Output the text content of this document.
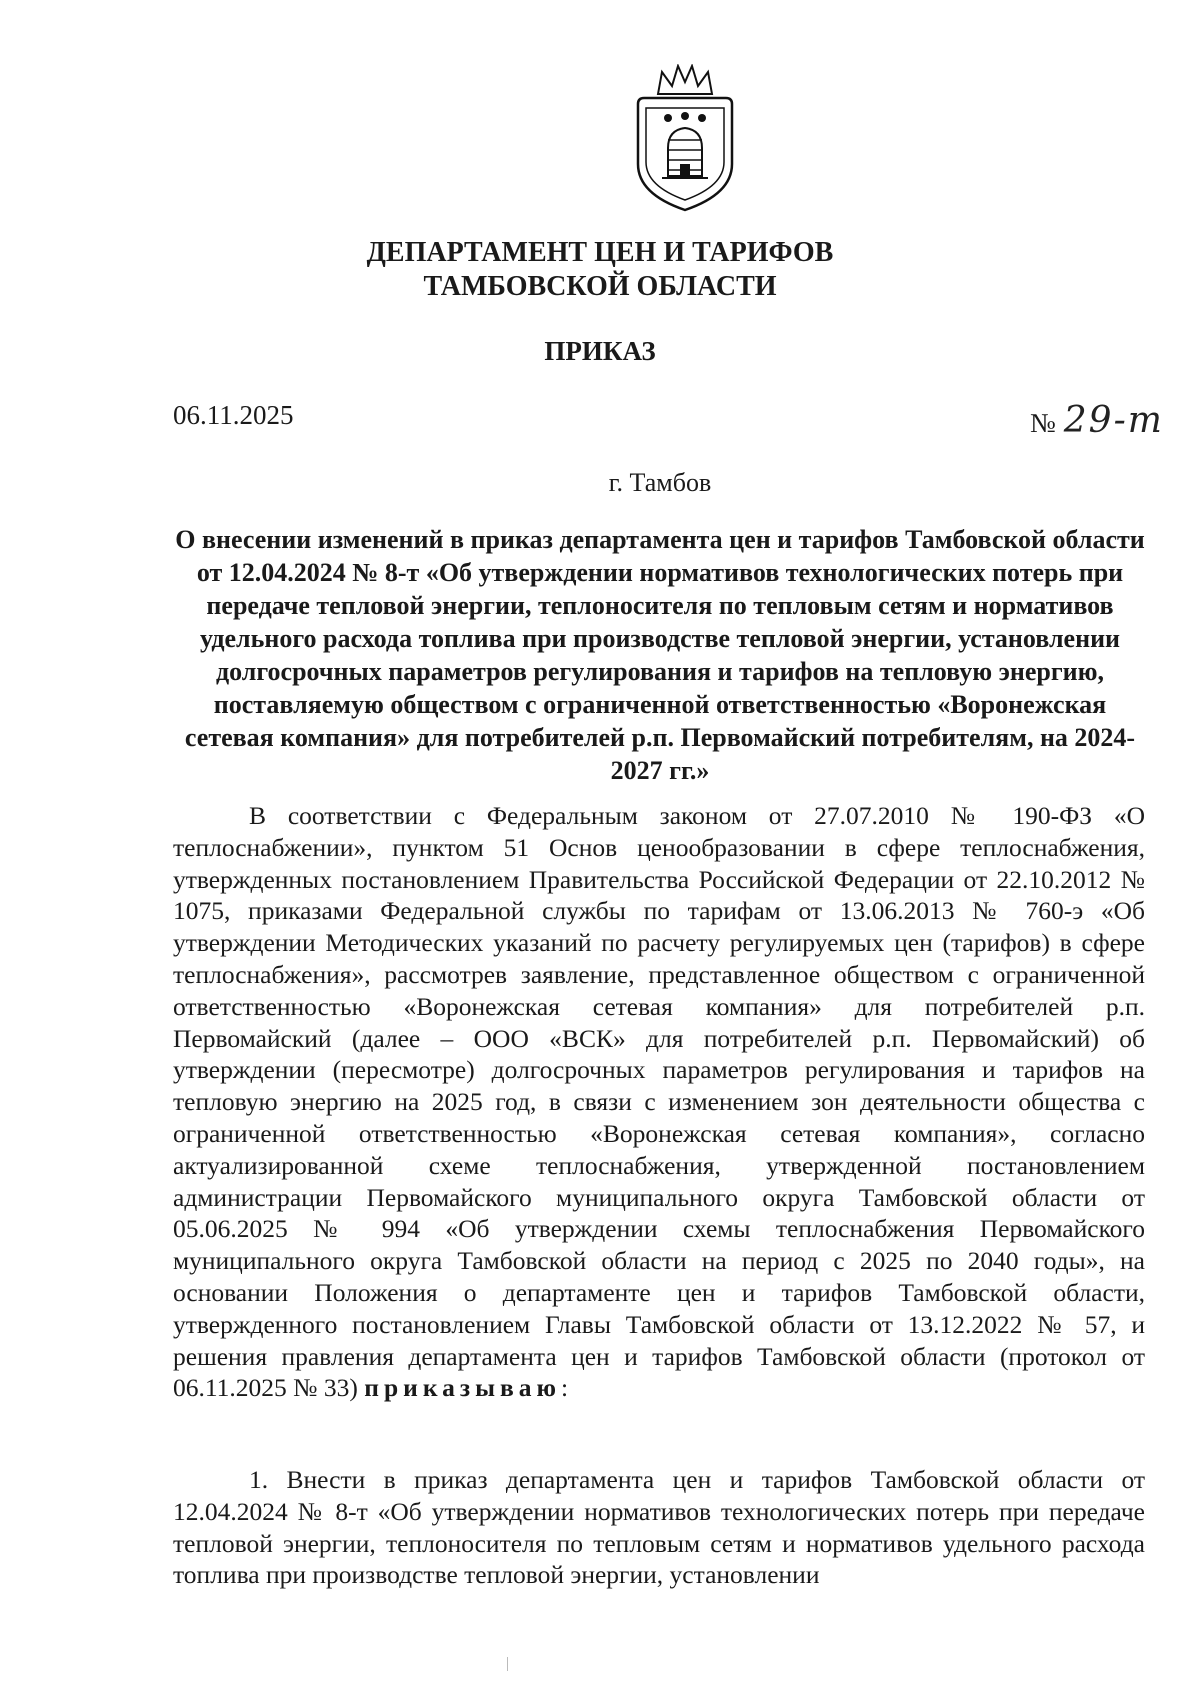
ДЕПАРТАМЕНТ ЦЕН И ТАРИФОВ
ТАМБОВСКОЙ ОБЛАСТИ
ПРИКАЗ
06.11.2025	№ 29-т
г. Тамбов
О внесении изменений в приказ департамента цен и тарифов Тамбовской области от 12.04.2024 № 8-т «Об утверждении нормативов технологических потерь при передаче тепловой энергии, теплоносителя по тепловым сетям и нормативов удельного расхода топлива при производстве тепловой энергии, установлении долгосрочных параметров регулирования и тарифов на тепловую энергию, поставляемую обществом с ограниченной ответственностью «Воронежская сетевая компания» для потребителей р.п. Первомайский потребителям, на 2024-2027 гг.»
В соответствии с Федеральным законом от 27.07.2010 № 190-ФЗ «О теплоснабжении», пунктом 51 Основ ценообразовании в сфере теплоснабжения, утвержденных постановлением Правительства Российской Федерации от 22.10.2012 № 1075, приказами Федеральной службы по тарифам от 13.06.2013 № 760-э «Об утверждении Методических указаний по расчету регулируемых цен (тарифов) в сфере теплоснабжения», рассмотрев заявление, представленное обществом с ограниченной ответственностью «Воронежская сетевая компания» для потребителей р.п. Первомайский (далее – ООО «ВСК» для потребителей р.п. Первомайский) об утверждении (пересмотре) долгосрочных параметров регулирования и тарифов на тепловую энергию на 2025 год, в связи с изменением зон деятельности общества с ограниченной ответственностью «Воронежская сетевая компания», согласно актуализированной схеме теплоснабжения, утвержденной постановлением администрации Первомайского муниципального округа Тамбовской области от 05.06.2025 № 994 «Об утверждении схемы теплоснабжения Первомайского муниципального округа Тамбовской области на период с 2025 по 2040 годы», на основании Положения о департаменте цен и тарифов Тамбовской области, утвержденного постановлением Главы Тамбовской области от 13.12.2022 № 57, и решения правления департамента цен и тарифов Тамбовской области (протокол от 06.11.2025 № 33) приказываю:
1. Внести в приказ департамента цен и тарифов Тамбовской области от 12.04.2024 № 8-т «Об утверждении нормативов технологических потерь при передаче тепловой энергии, теплоносителя по тепловым сетям и нормативов удельного расхода топлива при производстве тепловой энергии, установлении
